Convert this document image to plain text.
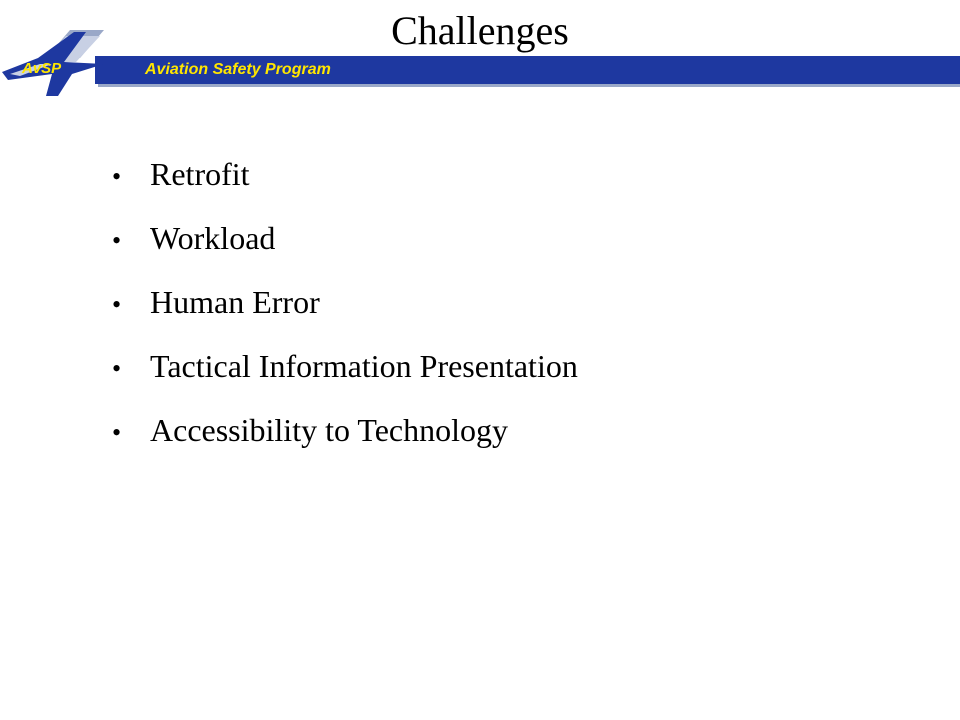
Challenges
Aviation Safety Program
AvSP
• Retrofit
• Workload
• Human Error
• Tactical Information Presentation
• Accessibility to Technology
